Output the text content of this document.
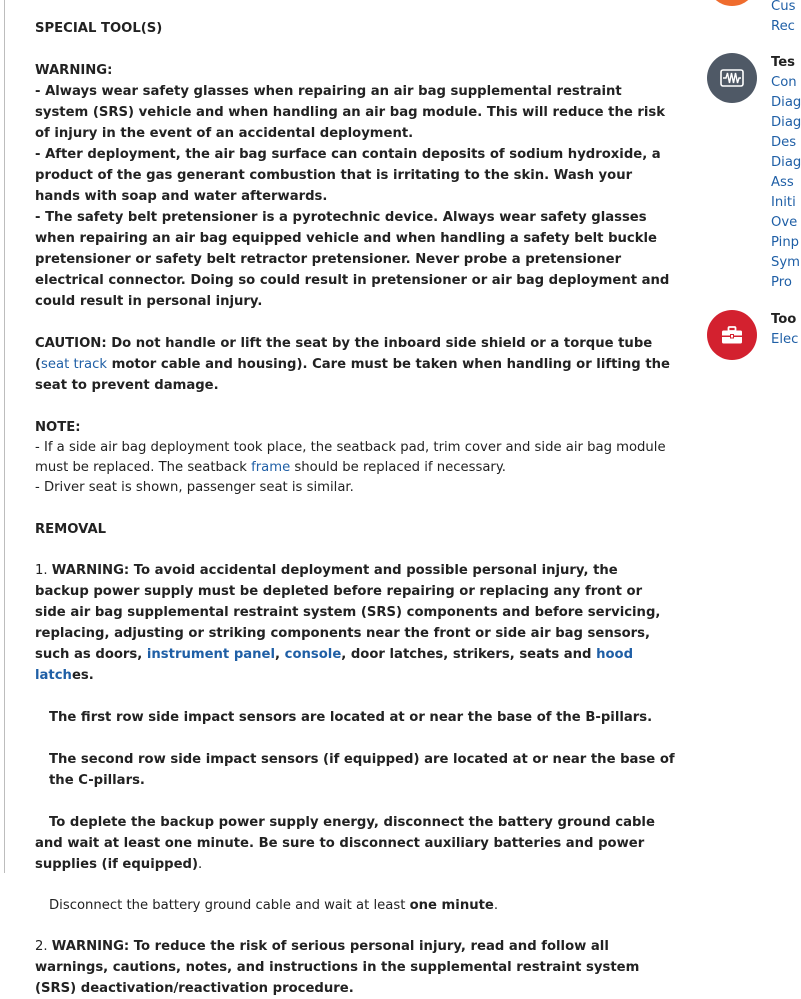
SPECIAL TOOL(S)

WARNING:

- Always wear safety glasses when repairing an air bag supplemental restraint system (SRS) vehicle and when handling an air bag module. This will reduce the risk of injury in the event of an accidental deployment.

- After deployment, the air bag surface can contain deposits of sodium hydroxide, a product of the gas generant combustion that is irritating to the skin. Wash your hands with soap and water afterwards.

- The safety belt pretensioner is a pyrotechnic device. Always wear safety glasses when repairing an air bag equipped vehicle and when handling a safety belt buckle pretensioner or safety belt retractor pretensioner. Never probe a pretensioner electrical connector. Doing so could result in pretensioner or air bag deployment and could result in personal injury.

CAUTION: Do not handle or lift the seat by the inboard side shield or a torque tube (seat track motor cable and housing). Care must be taken when handling or lifting the seat to prevent damage.

NOTE:

- If a side air bag deployment took place, the seatback pad, trim cover and side air bag module must be replaced. The seatback frame should be replaced if necessary.

- Driver seat is shown, passenger seat is similar.

REMOVAL

1. WARNING: To avoid accidental deployment and possible personal injury, the backup power supply must be depleted before repairing or replacing any front or side air bag supplemental restraint system (SRS) components and before servicing, replacing, adjusting or striking components near the front or side air bag sensors, such as doors, instrument panel, console, door latches, strikers, seats and hood latches.

The first row side impact sensors are located at or near the base of the B-pillars.

The second row side impact sensors (if equipped) are located at or near the base of the C-pillars.

To deplete the backup power supply energy, disconnect the battery ground cable and wait at least one minute. Be sure to disconnect auxiliary batteries and power supplies (if equipped).

Disconnect the battery ground cable and wait at least one minute.

2. WARNING: To reduce the risk of serious personal injury, read and follow all warnings, cautions, notes, and instructions in the supplemental restraint system (SRS) deactivation/reactivation procedure.

Cus
Rec
Tes
Con
Diag
Diag
Des
Diag
Ass
Initi
Ove
Pinp
Sym
Pro
Too
Elec
